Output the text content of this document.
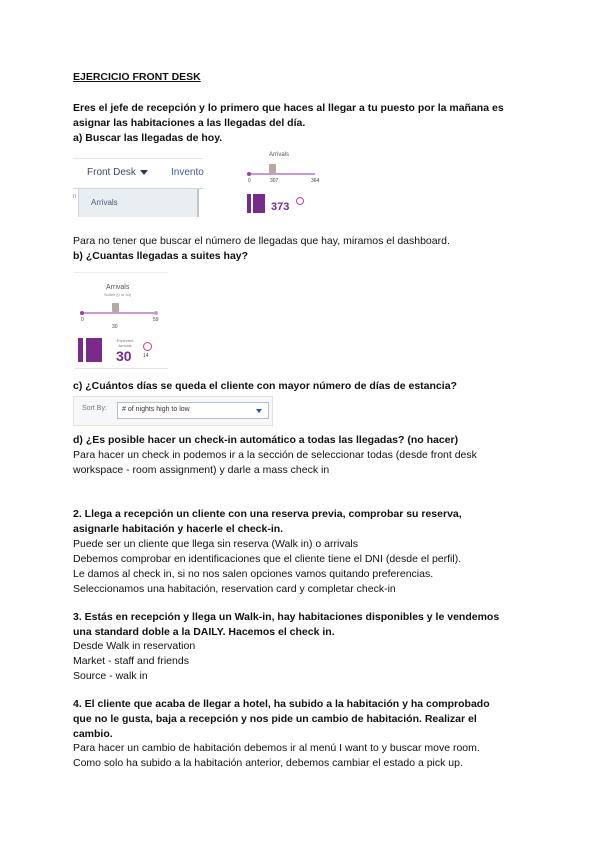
EJERCICIO FRONT DESK
Eres el jefe de recepción y lo primero que haces al llegar a tu puesto por la mañana es
asignar las habitaciones a las llegadas del día.
a) Buscar las llegadas de hoy.
Front Desk	Invento
Arrivals
n
Arrivals
0	307	364
373
Para no tener que buscar el número de llegadas que hay, miramos el dashboard.
b) ¿Cuantas llegadas a suites hay?
Arrivals
Suites (0 of 30)
0
30
59
Expected Arrivals
30 14
c) ¿Cuántos días se queda el cliente con mayor número de días de estancia?
Sort By: # of nights high to low
d) ¿Es posible hacer un check-in automático a todas las llegadas? (no hacer)
Para hacer un check in podemos ir a la sección de seleccionar todas (desde front desk
workspace - room assignment) y darle a mass check in
2. Llega a recepción un cliente con una reserva previa, comprobar su reserva,
asignarle habitación y hacerle el check-in.
Puede ser un cliente que llega sin reserva (Walk in) o arrivals
Debemos comprobar en identificaciones que el cliente tiene el DNI (desde el perfil).
Le damos al check in, si no nos salen opciones vamos quitando preferencias.
Seleccionamos una habitación, reservation card y completar check-in
3. Estás en recepción y llega un Walk-in, hay habitaciones disponibles y le vendemos
una standard doble a la DAILY. Hacemos el check in.
Desde Walk in reservation
Market - staff and friends
Source - walk in
4. El cliente que acaba de llegar a hotel, ha subido a la habitación y ha comprobado
que no le gusta, baja a recepción y nos pide un cambio de habitación. Realizar el
cambio.
Para hacer un cambio de habitación debemos ir al menú I want to y buscar move room.
Como solo ha subido a la habitación anterior, debemos cambiar el estado a pick up.
